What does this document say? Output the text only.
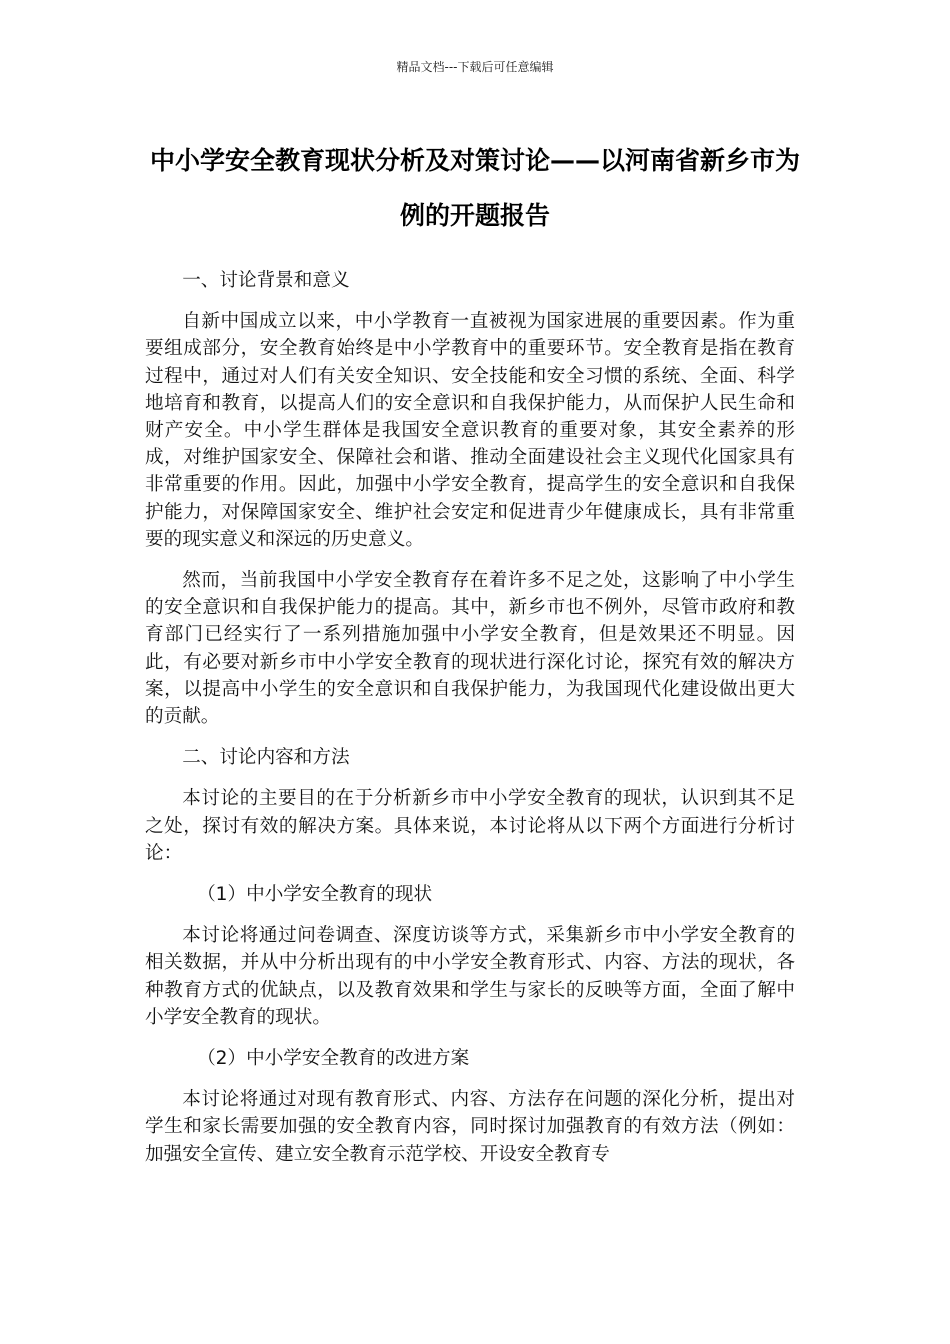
精品文档---下载后可任意编辑
中小学安全教育现状分析及对策讨论——以河南省新乡市为例的开题报告

一、讨论背景和意义

自新中国成立以来，中小学教育一直被视为国家进展的重要因素。作为重要组成部分，安全教育始终是中小学教育中的重要环节。安全教育是指在教育过程中，通过对人们有关安全知识、安全技能和安全习惯的系统、全面、科学地培育和教育，以提高人们的安全意识和自我保护能力，从而保护人民生命和财产安全。中小学生群体是我国安全意识教育的重要对象，其安全素养的形成，对维护国家安全、保障社会和谐、推动全面建设社会主义现代化国家具有非常重要的作用。因此，加强中小学安全教育，提高学生的安全意识和自我保护能力，对保障国家安全、维护社会安定和促进青少年健康成长，具有非常重要的现实意义和深远的历史意义。

然而，当前我国中小学安全教育存在着许多不足之处，这影响了中小学生的安全意识和自我保护能力的提高。其中，新乡市也不例外，尽管市政府和教育部门已经实行了一系列措施加强中小学安全教育，但是效果还不明显。因此，有必要对新乡市中小学安全教育的现状进行深化讨论，探究有效的解决方案，以提高中小学生的安全意识和自我保护能力，为我国现代化建设做出更大的贡献。

二、讨论内容和方法

本讨论的主要目的在于分析新乡市中小学安全教育的现状，认识到其不足之处，探讨有效的解决方案。具体来说，本讨论将从以下两个方面进行分析讨论：

（1）中小学安全教育的现状

本讨论将通过问卷调查、深度访谈等方式，采集新乡市中小学安全教育的相关数据，并从中分析出现有的中小学安全教育形式、内容、方法的现状，各种教育方式的优缺点，以及教育效果和学生与家长的反映等方面，全面了解中小学安全教育的现状。

（2）中小学安全教育的改进方案

本讨论将通过对现有教育形式、内容、方法存在问题的深化分析，提出对学生和家长需要加强的安全教育内容，同时探讨加强教育的有效方法（例如：加强安全宣传、建立安全教育示范学校、开设安全教育专
